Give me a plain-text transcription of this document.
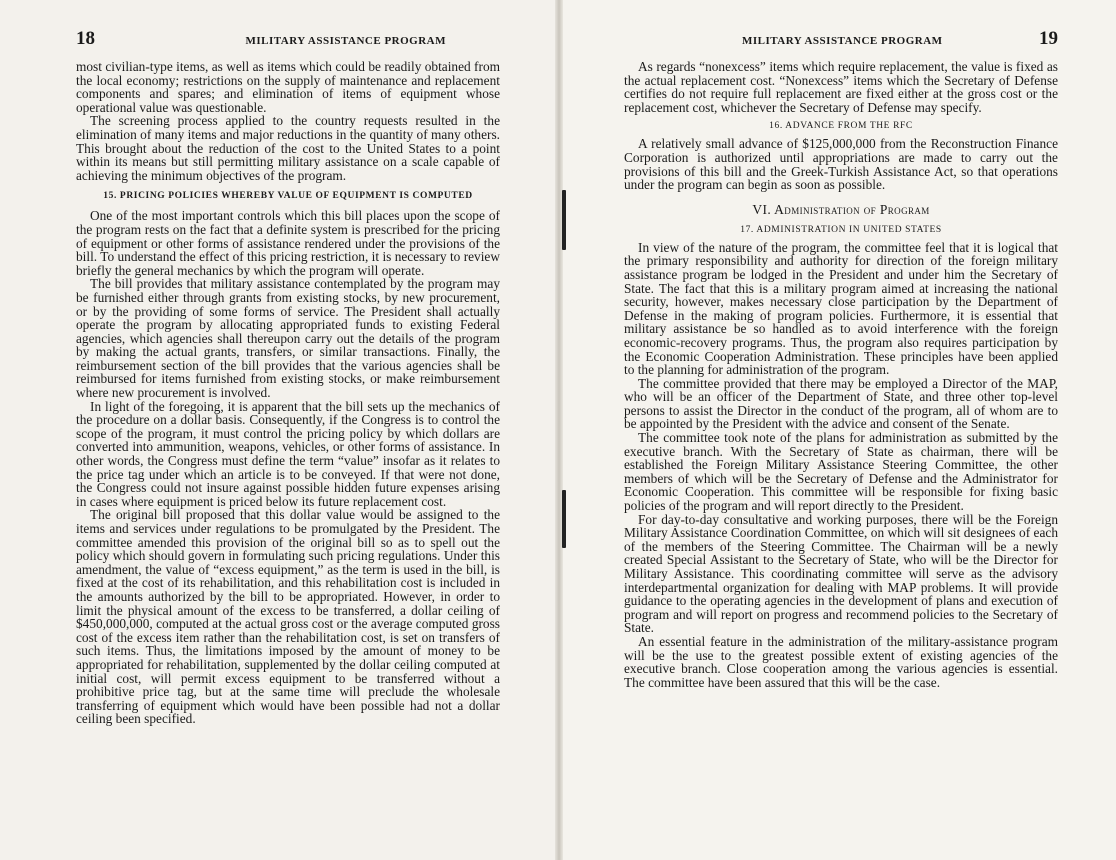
18	MILITARY ASSISTANCE PROGRAM

most civilian-type items, as well as items which could be readily obtained from the local economy; restrictions on the supply of maintenance and replacement components and spares; and elimination of items of equipment whose operational value was questionable.

The screening process applied to the country requests resulted in the elimination of many items and major reductions in the quantity of many others. This brought about the reduction of the cost to the United States to a point within its means but still permitting military assistance on a scale capable of achieving the minimum objectives of the program.

15. PRICING POLICIES WHEREBY VALUE OF EQUIPMENT IS COMPUTED

One of the most important controls which this bill places upon the scope of the program rests on the fact that a definite system is prescribed for the pricing of equipment or other forms of assistance rendered under the provisions of the bill. To understand the effect of this pricing restriction, it is necessary to review briefly the general mechanics by which the program will operate.

The bill provides that military assistance contemplated by the program may be furnished either through grants from existing stocks, by new procurement, or by the providing of some forms of service. The President shall actually operate the program by allocating appropriated funds to existing Federal agencies, which agencies shall thereupon carry out the details of the program by making the actual grants, transfers, or similar transactions. Finally, the reimbursement section of the bill provides that the various agencies shall be reimbursed for items furnished from existing stocks, or make reimbursement where new procurement is involved.

In light of the foregoing, it is apparent that the bill sets up the mechanics of the procedure on a dollar basis. Consequently, if the Congress is to control the scope of the program, it must control the pricing policy by which dollars are converted into ammunition, weapons, vehicles, or other forms of assistance. In other words, the Congress must define the term “value” insofar as it relates to the price tag under which an article is to be conveyed. If that were not done, the Congress could not insure against possible hidden future expenses arising in cases where equipment is priced below its future replacement cost.

The original bill proposed that this dollar value would be assigned to the items and services under regulations to be promulgated by the President. The committee amended this provision of the original bill so as to spell out the policy which should govern in formulating such pricing regulations. Under this amendment, the value of “excess equipment,” as the term is used in the bill, is fixed at the cost of its rehabilitation, and this rehabilitation cost is included in the amounts authorized by the bill to be appropriated. However, in order to limit the physical amount of the excess to be transferred, a dollar ceiling of $450,000,000, computed at the actual gross cost or the average computed gross cost of the excess item rather than the rehabilitation cost, is set on transfers of such items. Thus, the limitations imposed by the amount of money to be appropriated for rehabilitation, supplemented by the dollar ceiling computed at initial cost, will permit excess equipment to be transferred without a prohibitive price tag, but at the same time will preclude the wholesale transferring of equipment which would have been possible had not a dollar ceiling been specified.

MILITARY ASSISTANCE PROGRAM	19

As regards “nonexcess” items which require replacement, the value is fixed as the actual replacement cost. “Nonexcess” items which the Secretary of Defense certifies do not require full replacement are fixed either at the gross cost or the replacement cost, whichever the Secretary of Defense may specify.

16. ADVANCE FROM THE RFC

A relatively small advance of $125,000,000 from the Reconstruction Finance Corporation is authorized until appropriations are made to carry out the provisions of this bill and the Greek-Turkish Assistance Act, so that operations under the program can begin as soon as possible.

VI. Administration of Program
17. ADMINISTRATION IN UNITED STATES

In view of the nature of the program, the committee feel that it is logical that the primary responsibility and authority for direction of the foreign military assistance program be lodged in the President and under him the Secretary of State. The fact that this is a military program aimed at increasing the national security, however, makes necessary close participation by the Department of Defense in the making of program policies. Furthermore, it is essential that military assistance be so handled as to avoid interference with the foreign economic-recovery programs. Thus, the program also requires participation by the Economic Cooperation Administration. These principles have been applied to the planning for administration of the program.

The committee provided that there may be employed a Director of the MAP, who will be an officer of the Department of State, and three other top-level persons to assist the Director in the conduct of the program, all of whom are to be appointed by the President with the advice and consent of the Senate.

The committee took note of the plans for administration as submitted by the executive branch. With the Secretary of State as chairman, there will be established the Foreign Military Assistance Steering Committee, the other members of which will be the Secretary of Defense and the Administrator for Economic Cooperation. This committee will be responsible for fixing basic policies of the program and will report directly to the President.

For day-to-day consultative and working purposes, there will be the Foreign Military Assistance Coordination Committee, on which will sit designees of each of the members of the Steering Committee. The Chairman will be a newly created Special Assistant to the Secretary of State, who will be the Director for Military Assistance. This coordinating committee will serve as the advisory interdepartmental organization for dealing with MAP problems. It will provide guidance to the operating agencies in the development of plans and execution of program and will report on progress and recommend policies to the Secretary of State.

An essential feature in the administration of the military-assistance program will be the use to the greatest possible extent of existing agencies of the executive branch. Close cooperation among the various agencies is essential. The committee have been assured that this will be the case.
